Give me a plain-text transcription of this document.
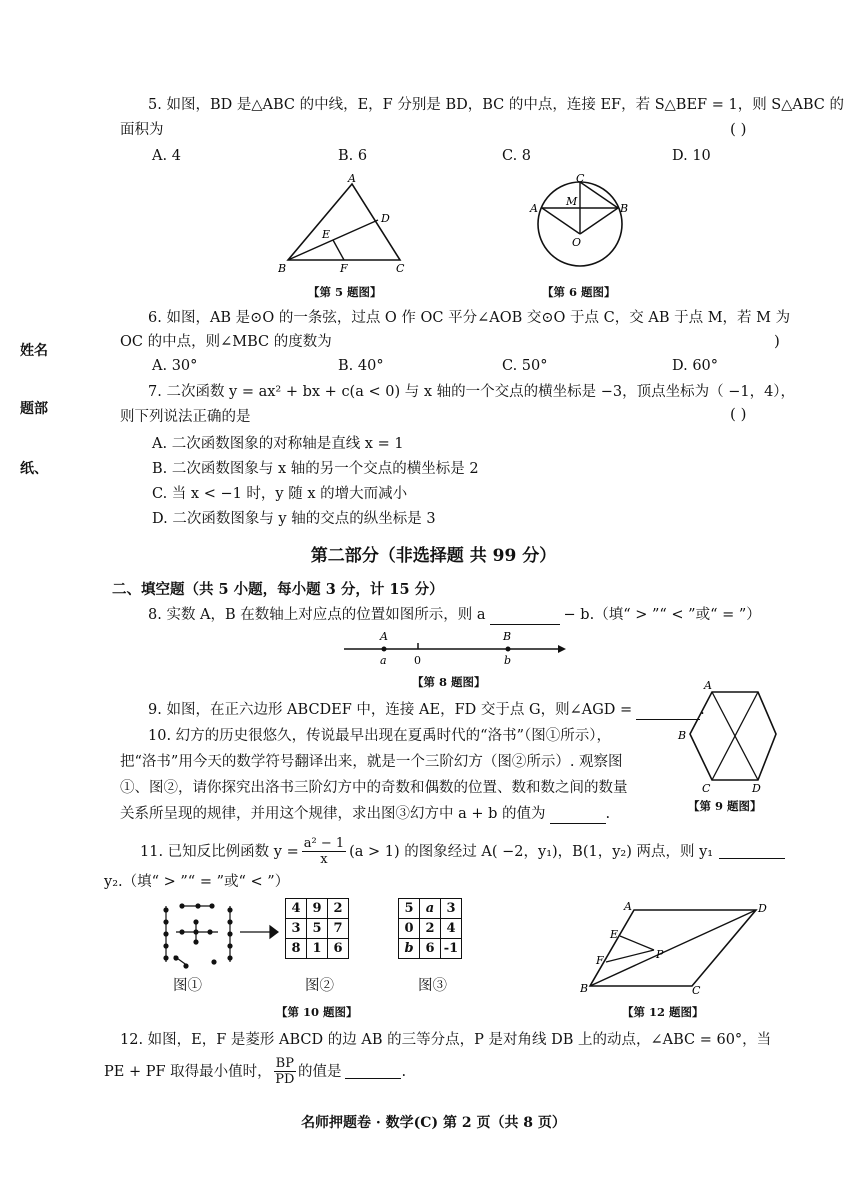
姓名
题部
纸、
5. 如图，BD 是△ABC 的中线，E，F 分别是 BD，BC 的中点，连接 EF，若 S△BEF = 1，则 S△ABC 的
面积为	( )
A. 4	B. 6	C. 8	D. 10
A
B	C
D
E
F
【第 5 题图】
C
A	B
M
O
【第 6 题图】
6. 如图，AB 是⊙O 的一条弦，过点 O 作 OC 平分∠AOB 交⊙O 于点 C，交 AB 于点 M，若 M 为
OC 的中点，则∠MBC 的度数为	)
A. 30°	B. 40°	C. 50°	D. 60°
7. 二次函数 y = ax² + bx + c(a < 0) 与 x 轴的一个交点的横坐标是 −3，顶点坐标为（ −1，4），
则下列说法正确的是	( )
A. 二次函数图象的对称轴是直线 x = 1
B. 二次函数图象与 x 轴的另一个交点的横坐标是 2
C. 当 x < −1 时，y 随 x 的增大而减小
D. 二次函数图象与 y 轴的交点的纵坐标是 3
第二部分（非选择题 共 99 分）
二、填空题（共 5 小题，每小题 3 分，计 15 分）
8. 实数 A，B 在数轴上对应点的位置如图所示，则 a	− b.（填“ > ”“ < ”或“ = ”）
A
a 0
B
b
【第 8 题图】
9. 如图，在正六边形 ABCDEF 中，连接 AE，FD 交于点 G，则∠AGD =	.
A
B
C	D
【第 9 题图】
10. 幻方的历史很悠久，传说最早出现在夏禹时代的“洛书”（图①所示），
把“洛书”用今天的数学符号翻译出来，就是一个三阶幻方（图②所示）. 观察图
①、图②，请你探究出洛书三阶幻方中的奇数和偶数的位置、数和数之间的数量
关系所呈现的规律，并用这个规律，求出图③幻方中 a + b 的值为	.
11. 已知反比例函数 $y = \frac{\text{a² − 1}}{x} (a > 1)$ 的图象经过 A( −2，y₁)，B(1，y₂) 两点，则 y₁
y₂.（填“ > ”“ = ”或“ < ”）
图①
4	9	2
3	5	7
8	1	6
图②
5	a	3
0	2	4
b	6	-1
图③
【第 10 题图】
A
B	C
D
E
F	P
【第 12 题图】
12. 如图，E，F 是菱形 ABCD 的边 AB 的三等分点，P 是对角线 DB 上的动点，∠ABC = 60°，当
PE + PF 取得最小值时， $\frac{BP}{PD}$ 的值是	.
名师押题卷 · 数学(C) 第 2 页（共 8 页）
